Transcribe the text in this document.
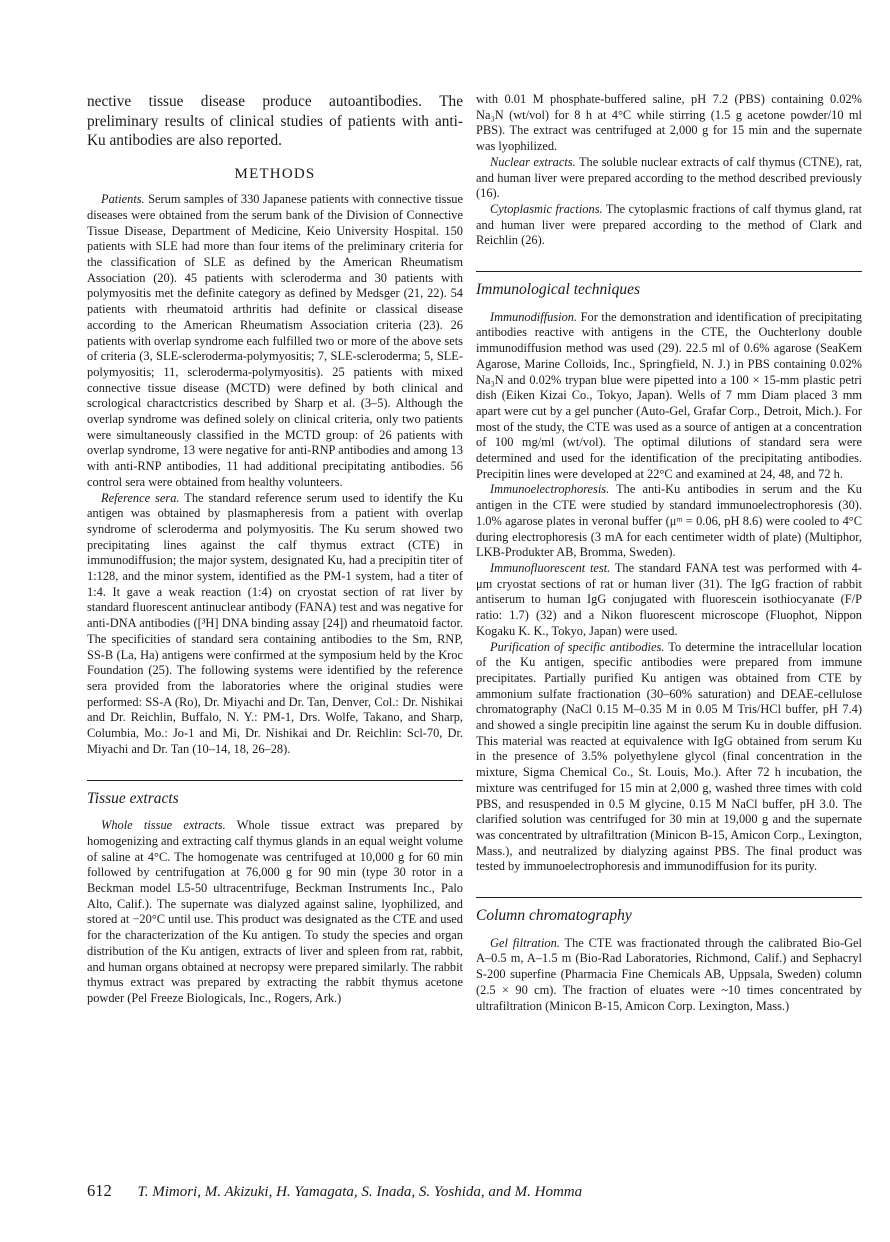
nective tissue disease produce autoantibodies. The preliminary results of clinical studies of patients with anti-Ku antibodies are also reported.

METHODS

Patients. Serum samples of 330 Japanese patients with connective tissue diseases were obtained from the serum bank of the Division of Connective Tissue Disease, Department of Medicine, Keio University Hospital. 150 patients with SLE had more than four items of the preliminary criteria for the classification of SLE as defined by the American Rheumatism Association (20). 45 patients with scleroderma and 30 patients with polymyositis met the definite category as defined by Medsger (21, 22). 54 patients with rheumatoid arthritis had definite or classical disease according to the American Rheumatism Association criteria (23). 26 patients with overlap syndrome each fulfilled two or more of the above sets of criteria (3, SLE-scleroderma-polymyositis; 7, SLE-scleroderma; 5, SLE-polymyositis; 11, scleroderma-polymyositis). 25 patients with mixed connective tissue disease (MCTD) were defined by both clinical and scrological charactcristics described by Sharp et al. (3–5). Although the overlap syndrome was defined solely on clinical criteria, only two patients were simultaneously classified in the MCTD group: of 26 patients with overlap syndrome, 13 were negative for anti-RNP antibodies and among 13 with anti-RNP antibodies, 11 had additional precipitating antibodies. 56 control sera were obtained from healthy volunteers.

Reference sera. The standard reference serum used to identify the Ku antigen was obtained by plasmapheresis from a patient with overlap syndrome of scleroderma and polymyositis. The Ku serum showed two precipitating lines against the calf thymus extract (CTE) in immunodiffusion; the major system, designated Ku, had a precipitin titer of 1:128, and the minor system, identified as the PM-1 system, had a titer of 1:4. It gave a weak reaction (1:4) on cryostat section of rat liver by standard fluorescent antinuclear antibody (FANA) test and was negative for anti-DNA antibodies ([³H] DNA binding assay [24]) and rheumatoid factor. The specificities of standard sera containing antibodies to the Sm, RNP, SS-B (La, Ha) antigens were confirmed at the symposium held by the Kroc Foundation (25). The following systems were identified by the reference sera provided from the laboratories where the original studies were performed: SS-A (Ro), Dr. Miyachi and Dr. Tan, Denver, Col.: Dr. Nishikai and Dr. Reichlin, Buffalo, N. Y.: PM-1, Drs. Wolfe, Takano, and Sharp, Columbia, Mo.: Jo-1 and Mi, Dr. Nishikai and Dr. Reichlin: Scl-70, Dr. Miyachi and Dr. Tan (10–14, 18, 26–28).

Tissue extracts

Whole tissue extracts. Whole tissue extract was prepared by homogenizing and extracting calf thymus glands in an equal weight volume of saline at 4°C. The homogenate was centrifuged at 10,000 g for 60 min followed by centrifugation at 76,000 g for 90 min (type 30 rotor in a Beckman model L5-50 ultracentrifuge, Beckman Instruments Inc., Palo Alto, Calif.). The supernate was dialyzed against saline, lyophilized, and stored at −20°C until use. This product was designated as the CTE and used for the characterization of the Ku antigen. To study the species and organ distribution of the Ku antigen, extracts of liver and spleen from rat, rabbit, and human organs obtained at necropsy were prepared similarly. The rabbit thymus extract was prepared by extracting the rabbit thymus acetone powder (Pel Freeze Biologicals, Inc., Rogers, Ark.)

with 0.01 M phosphate-buffered saline, pH 7.2 (PBS) containing 0.02% Na₃N (wt/vol) for 8 h at 4°C while stirring (1.5 g acetone powder/10 ml PBS). The extract was centrifuged at 2,000 g for 15 min and the supernate was lyophilized.

Nuclear extracts. The soluble nuclear extracts of calf thymus (CTNE), rat, and human liver were prepared according to the method described previously (16).

Cytoplasmic fractions. The cytoplasmic fractions of calf thymus gland, rat and human liver were prepared according to the method of Clark and Reichlin (26).

Immunological techniques

Immunodiffusion. For the demonstration and identification of precipitating antibodies reactive with antigens in the CTE, the Ouchterlony double immunodiffusion method was used (29). 22.5 ml of 0.6% agarose (SeaKem Agarose, Marine Colloids, Inc., Springfield, N. J.) in PBS containing 0.02% Na₃N and 0.02% trypan blue were pipetted into a 100 × 15-mm plastic petri dish (Eiken Kizai Co., Tokyo, Japan). Wells of 7 mm Diam placed 3 mm apart were cut by a gel puncher (Auto-Gel, Grafar Corp., Detroit, Mich.). For most of the study, the CTE was used as a source of antigen at a concentration of 100 mg/ml (wt/vol). The optimal dilutions of standard sera were determined and used for the identification of the precipitating antibodies. Precipitin lines were developed at 22°C and examined at 24, 48, and 72 h.

Immunoelectrophoresis. The anti-Ku antibodies in serum and the Ku antigen in the CTE were studied by standard immunoelectrophoresis (30). 1.0% agarose plates in veronal buffer (μᵐ = 0.06, pH 8.6) were cooled to 4°C during electrophoresis (3 mA for each centimeter width of plate) (Multiphor, LKB-Produkter AB, Bromma, Sweden).

Immunofluorescent test. The standard FANA test was performed with 4-μm cryostat sections of rat or human liver (31). The IgG fraction of rabbit antiserum to human IgG conjugated with fluorescein isothiocyanate (F/P ratio: 1.7) (32) and a Nikon fluorescent microscope (Fluophot, Nippon Kogaku K. K., Tokyo, Japan) were used.

Purification of specific antibodies. To determine the intracellular location of the Ku antigen, specific antibodies were prepared from immune precipitates. Partially purified Ku antigen was obtained from CTE by ammonium sulfate fractionation (30–60% saturation) and DEAE-cellulose chromatography (NaCl 0.15 M–0.35 M in 0.05 M Tris/HCl buffer, pH 7.4) and showed a single precipitin line against the serum Ku in double diffusion. This material was reacted at equivalence with IgG obtained from serum Ku in the presence of 3.5% polyethylene glycol (final concentration in the mixture, Sigma Chemical Co., St. Louis, Mo.). After 72 h incubation, the mixture was centrifuged for 15 min at 2,000 g, washed three times with cold PBS, and resuspended in 0.5 M glycine, 0.15 M NaCl buffer, pH 3.0. The clarified solution was centrifuged for 30 min at 19,000 g and the supernate was concentrated by ultrafiltration (Minicon B-15, Amicon Corp., Lexington, Mass.), and neutralized by dialyzing against PBS. The final product was tested by immunoelectrophoresis and immunodiffusion for its purity.

Column chromatography

Gel filtration. The CTE was fractionated through the calibrated Bio-Gel A–0.5 m, A–1.5 m (Bio-Rad Laboratories, Richmond, Calif.) and Sephacryl S-200 superfine (Pharmacia Fine Chemicals AB, Uppsala, Sweden) column (2.5 × 90 cm). The fraction of eluates were ~10 times concentrated by ultrafiltration (Minicon B-15, Amicon Corp. Lexington, Mass.)

612 T. Mimori, M. Akizuki, H. Yamagata, S. Inada, S. Yoshida, and M. Homma
